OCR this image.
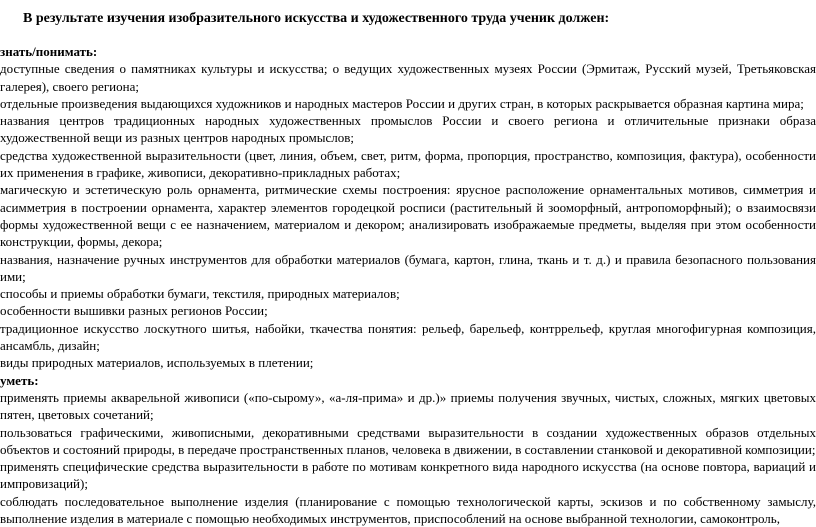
В результате изучения изобразительного искусства и художественного труда ученик должен:

знать/понимать:

доступные сведения о памятниках культуры и искусства; о ведущих художественных музеях России (Эрмитаж, Русский музей, Третьяковская галерея), своего региона;

отдельные произведения выдающихся художников и народных мастеров России и других стран, в которых раскрывается образная картина мира;

названия центров традиционных народных художественных промыслов России и своего региона и отличительные признаки образа художественной вещи из разных центров народных промыслов;

средства художественной выразительности (цвет, линия, объем, свет, ритм, форма, пропорция, пространство, композиция, фактура), особенности их применения в графике, живописи, декоративно-прикладных работах;

магическую и эстетическую роль орнамента, ритмические схемы построения: ярусное расположение орнаментальных мотивов, симметрия и асимметрия в построении орнамента, характер элементов городецкой росписи (растительный й зооморфный, антропоморфный); о взаимосвязи формы художественной вещи с ее назначением, материалом и декором; анализировать изображаемые предметы, выделяя при этом особенности конструкции, формы, декора;

названия, назначение ручных инструментов для обработки материалов (бумага, картон, глина, ткань и т. д.) и правила безопасного пользования ими;

способы и приемы обработки бумаги, текстиля, природных материалов;

особенности вышивки разных регионов России;

традиционное искусство лоскутного шитья, набойки, ткачества понятия: рельеф, барельеф, контррельеф, круглая многофигурная композиция, ансамбль, дизайн;

виды природных материалов, используемых в плетении;

уметь:

применять приемы акварельной живописи («по-сырому», «а-ля-прима» и др.)» приемы получения звучных, чистых, сложных, мягких цветовых пятен, цветовых сочетаний;

пользоваться графическими, живописными, декоративными средствами выразительности в создании художественных образов отдельных объектов и состояний природы, в передаче пространственных планов, человека в движении, в составлении станковой и декоративной композиции;

применять специфические средства выразительности в работе по мотивам конкретного вида народного искусства (на основе повтора, вариаций и импровизаций);

соблюдать последовательное выполнение изделия (планирование с помощью технологической карты, эскизов и по собственному замыслу, выполнение изделия в материале с помощью необходимых инструментов, приспособлений на основе выбранной технологии, самоконтроль,
